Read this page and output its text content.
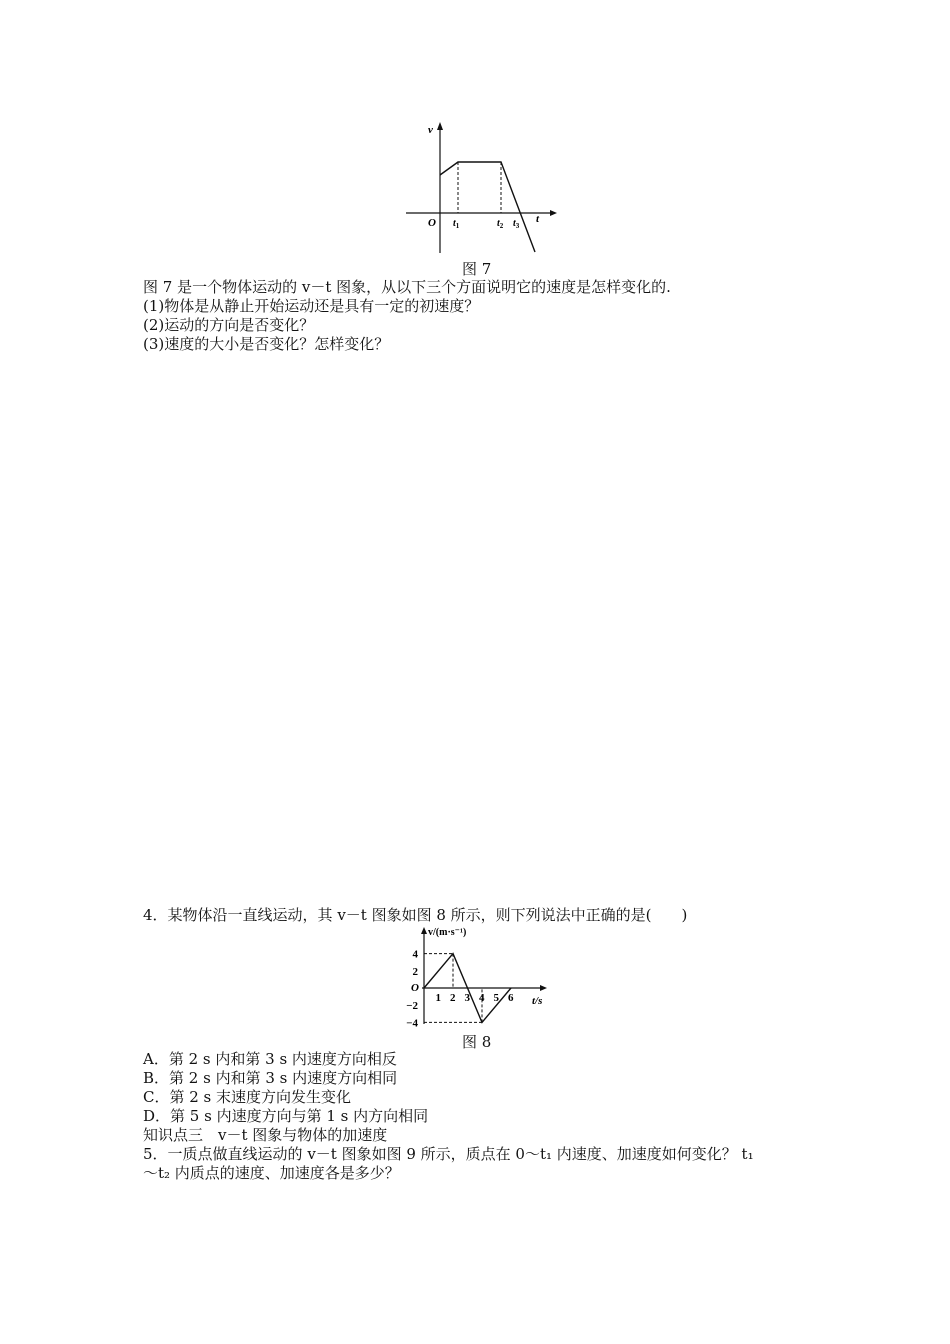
v
t
O $t_1$	$t_2$ $t_3$
图 7
图 7 是一个物体运动的 v－t 图象，从以下三个方面说明它的速度是怎样变化的.
(1)物体是从静止开始运动还是具有一定的初速度？
(2)运动的方向是否变化？
(3)速度的大小是否变化？怎样变化？
4．某物体沿一直线运动，其 v－t 图象如图 8 所示，则下列说法中正确的是(　　)
v/(m·s⁻¹)
t/s
O
4
2
−2
−4
1 2 3 4 5 6
图 8
A．第 2 s 内和第 3 s 内速度方向相反
B．第 2 s 内和第 3 s 内速度方向相同
C．第 2 s 末速度方向发生变化
D．第 5 s 内速度方向与第 1 s 内方向相同
知识点三　v－t 图象与物体的加速度
5．一质点做直线运动的 v－t 图象如图 9 所示，质点在 0～t₁ 内速度、加速度如何变化？ t₁
～t₂ 内质点的速度、加速度各是多少？
